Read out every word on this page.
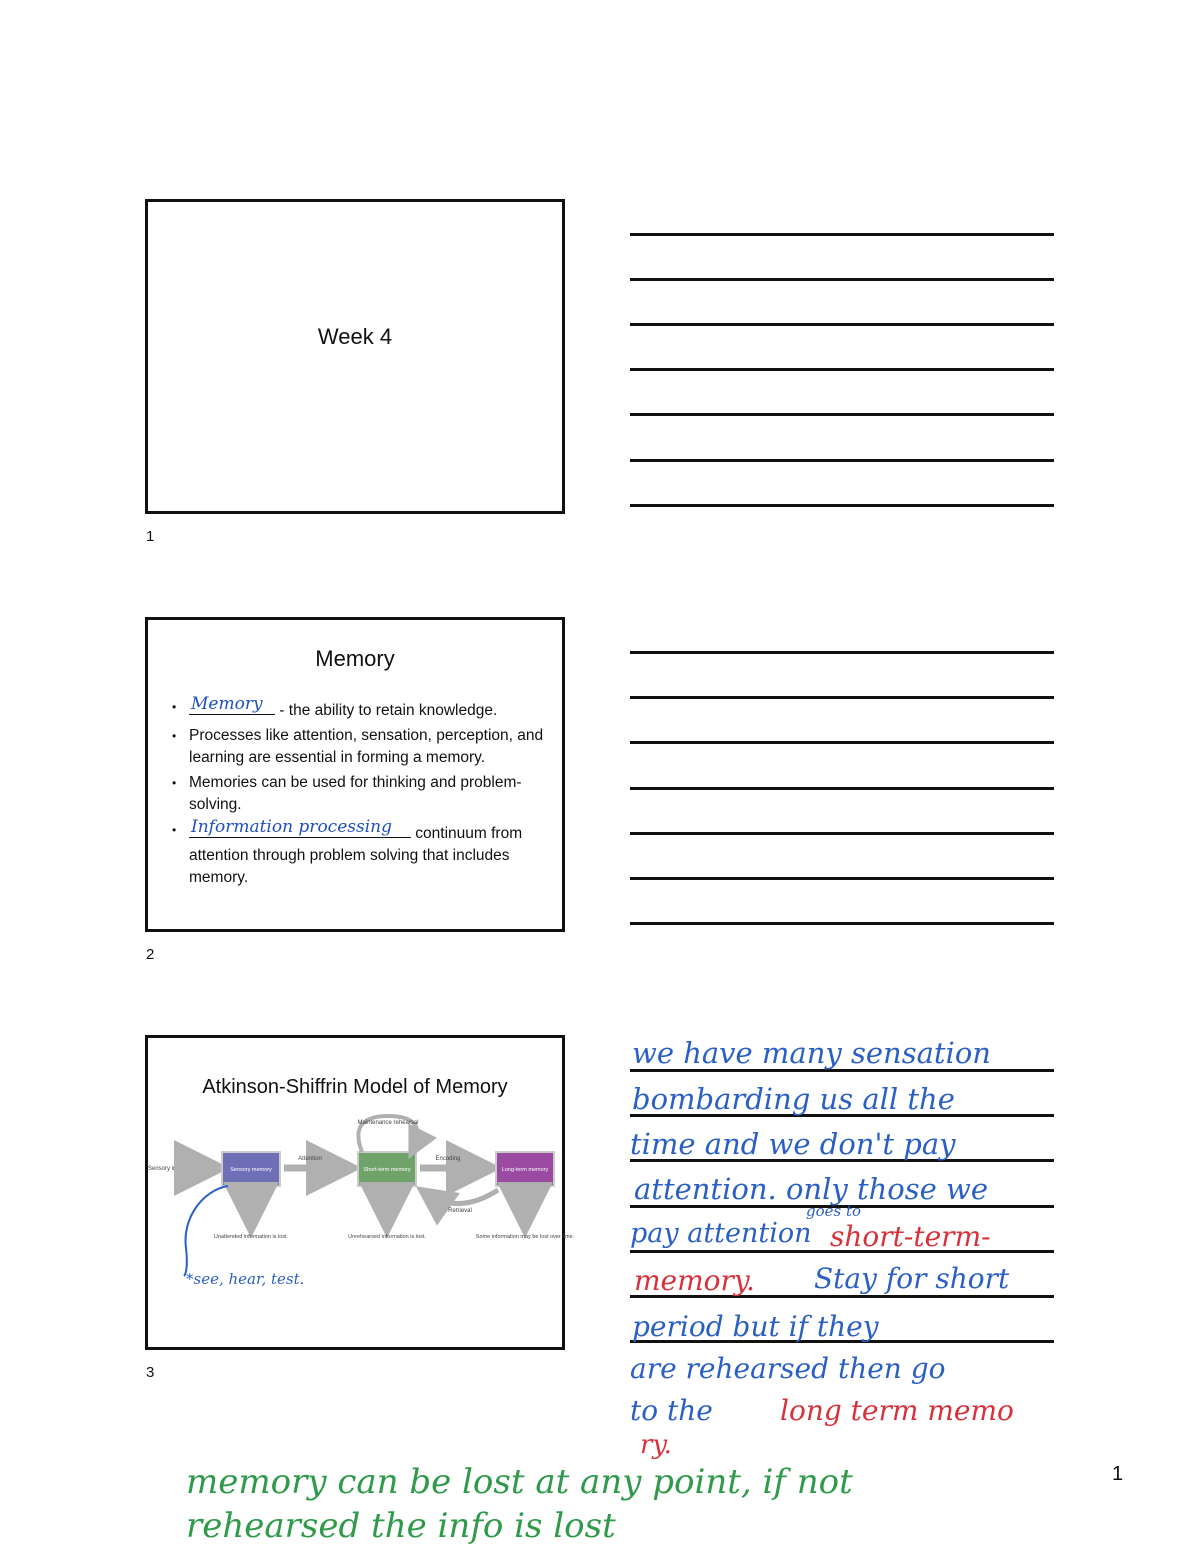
Week 4
1
Memory
• Memory - the ability to retain knowledge.
• Processes like attention, sensation, perception, and learning are essential in forming a memory.
• Memories can be used for thinking and problem-solving.
• Information processing continuum from attention through problem solving that includes memory.
2
Atkinson-Shiffrin Model of Memory
Sensory input	Sensory memory
Attention
Short-term memory
Encoding
Long-term memory
Retrieval
Maintenance rehearsal
Unattended information is lost.	Unrehearsed information is lost.	Some information may be lost over time.
*see, hear, test.
3
we have many sensation
bombarding us all the
time and we don't pay
attention. only those we
pay attention
goes to
short-term-
memory. Stay for short
period but if they
are rehearsed then go
to the long term memo
ry.
memory can be lost at any point, if not
rehearsed the info is lost
1
